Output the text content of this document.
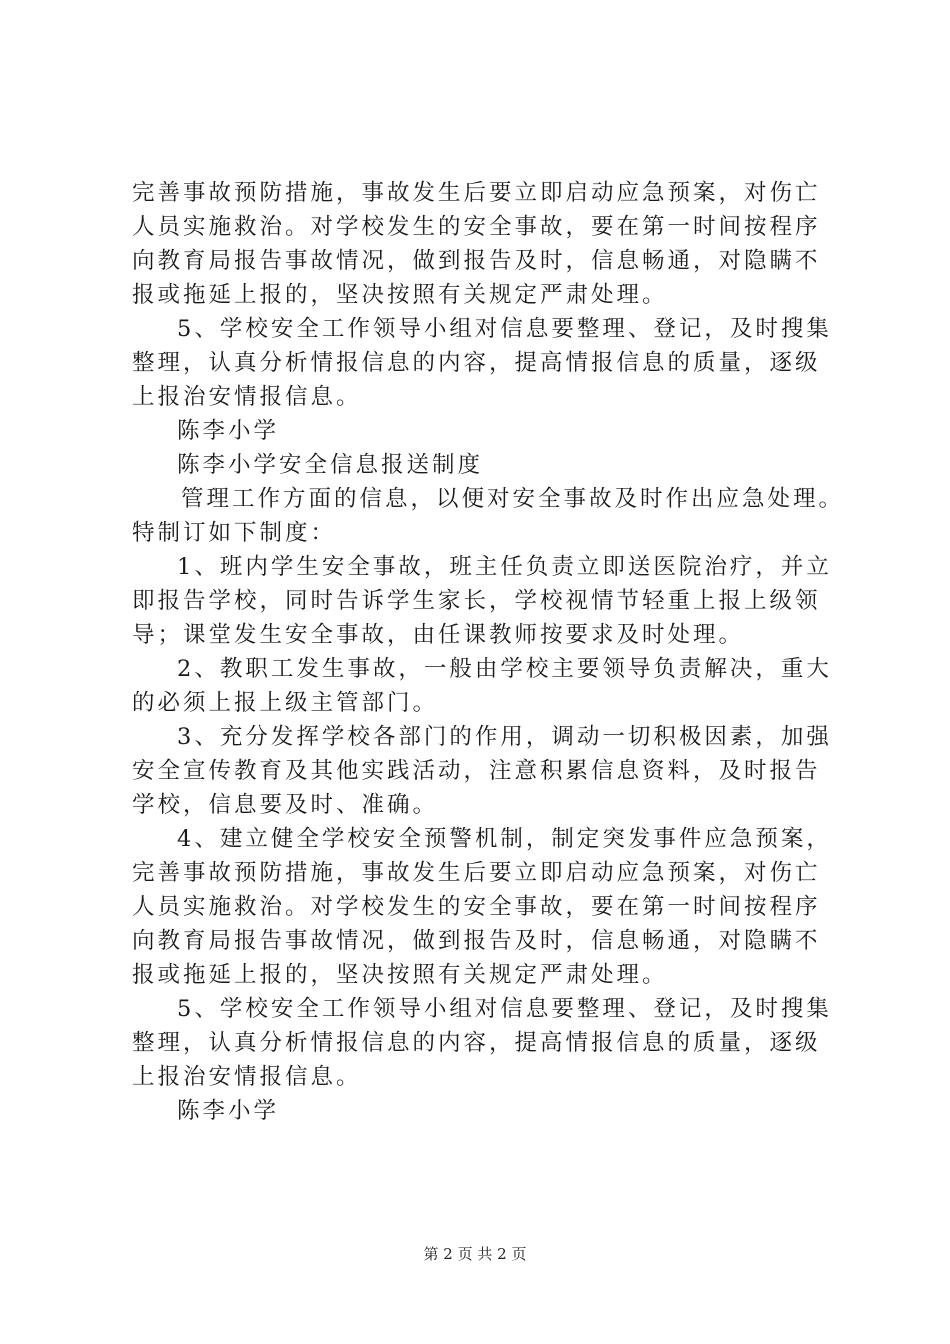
完善事故预防措施，事故发生后要立即启动应急预案，对伤亡
人员实施救治。对学校发生的安全事故，要在第一时间按程序
向教育局报告事故情况，做到报告及时，信息畅通，对隐瞒不
报或拖延上报的，坚决按照有关规定严肃处理。
5、学校安全工作领导小组对信息要整理、登记，及时搜集
整理，认真分析情报信息的内容，提高情报信息的质量，逐级
上报治安情报信息。
陈李小学
陈李小学安全信息报送制度
管理工作方面的信息，以便对安全事故及时作出应急处理。
特制订如下制度：
1、班内学生安全事故，班主任负责立即送医院治疗，并立
即报告学校，同时告诉学生家长，学校视情节轻重上报上级领
导；课堂发生安全事故，由任课教师按要求及时处理。
2、教职工发生事故，一般由学校主要领导负责解决，重大
的必须上报上级主管部门。
3、充分发挥学校各部门的作用，调动一切积极因素，加强
安全宣传教育及其他实践活动，注意积累信息资料，及时报告
学校，信息要及时、准确。
4、建立健全学校安全预警机制，制定突发事件应急预案，
完善事故预防措施，事故发生后要立即启动应急预案，对伤亡
人员实施救治。对学校发生的安全事故，要在第一时间按程序
向教育局报告事故情况，做到报告及时，信息畅通，对隐瞒不
报或拖延上报的，坚决按照有关规定严肃处理。
5、学校安全工作领导小组对信息要整理、登记，及时搜集
整理，认真分析情报信息的内容，提高情报信息的质量，逐级
上报治安情报信息。
陈李小学
第 2 页 共 2 页
